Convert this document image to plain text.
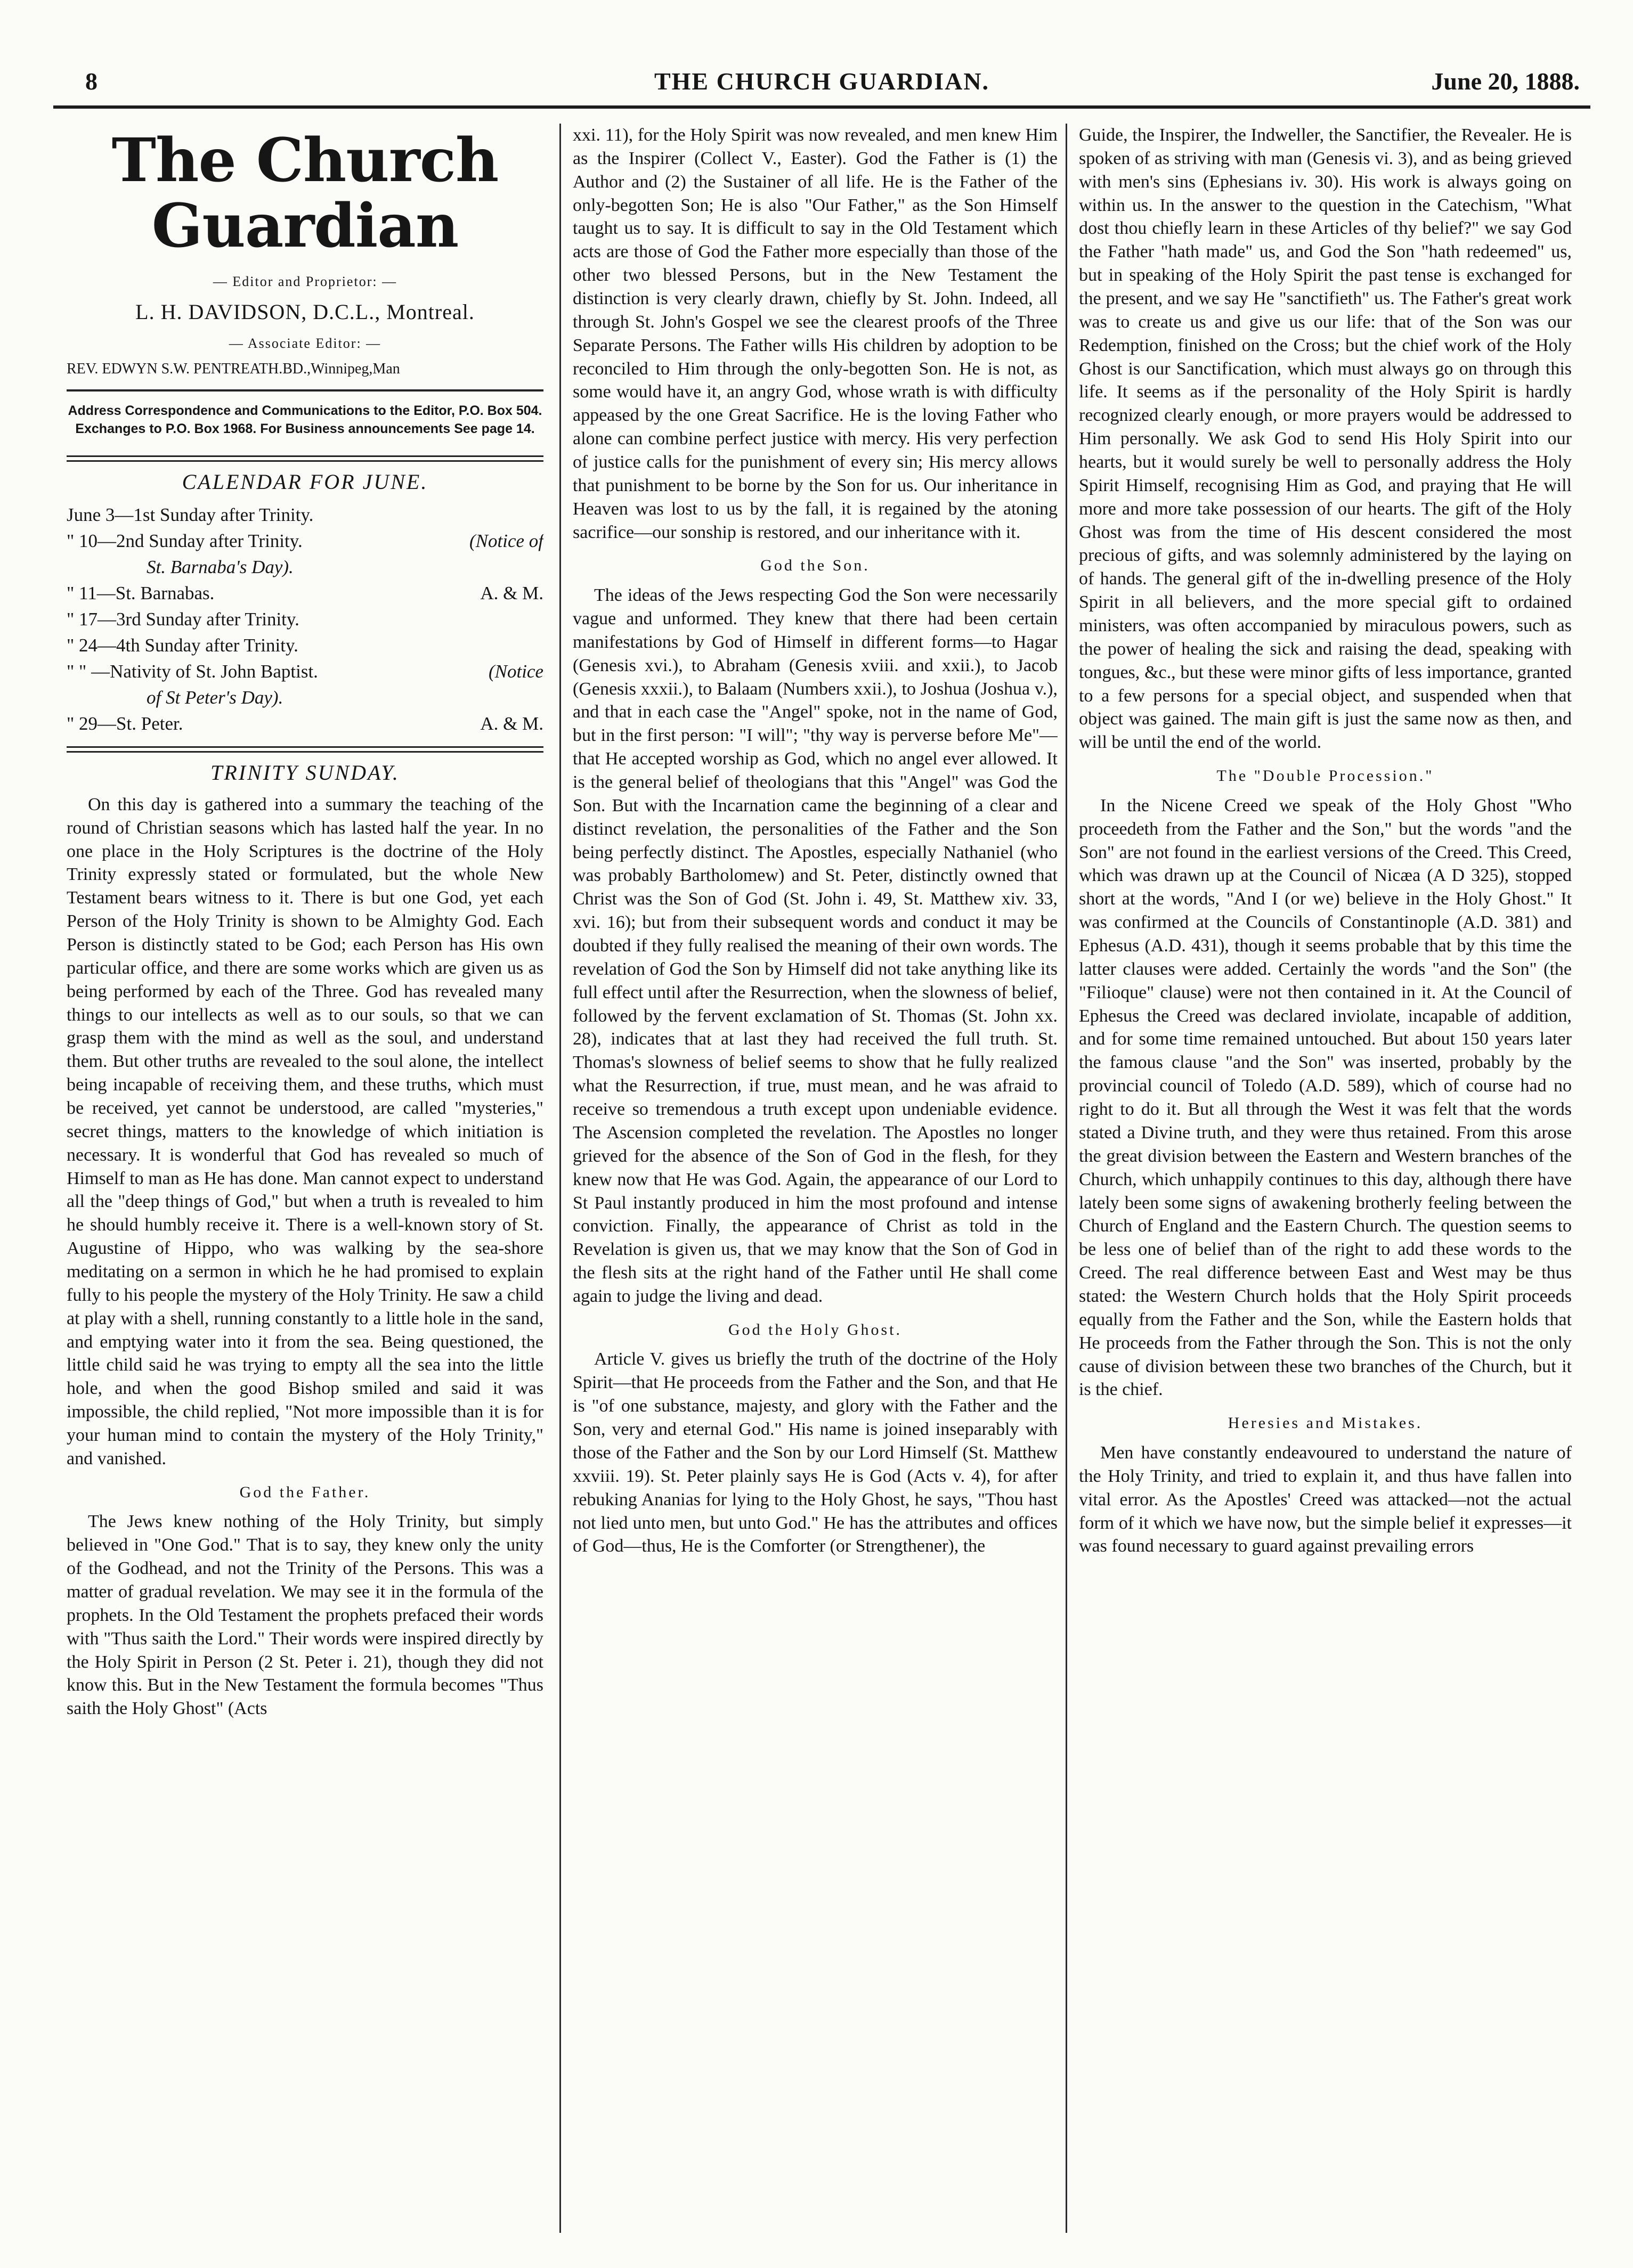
8	THE CHURCH GUARDIAN.	June 20, 1888.
The Church Guardian
— Editor and Proprietor: —
L. H. DAVIDSON, D.C.L., Montreal.
— Associate Editor: —
REV. EDWYN S.W. PENTREATH.BD.,Winnipeg,Man
Address Correspondence and Communications to the Editor, P.O. Box 504. Exchanges to P.O. Box 1968. For Business announcements See page 14.
CALENDAR FOR JUNE.
June 3—1st Sunday after Trinity.
" 10—2nd Sunday after Trinity.	(Notice of
St. Barnaba's Day).
" 11—St. Barnabas.	A. & M.
" 17—3rd Sunday after Trinity.
" 24—4th Sunday after Trinity.
" " —Nativity of St. John Baptist.	(Notice
of St Peter's Day).
" 29—St. Peter.	A. & M.
TRINITY SUNDAY.

On this day is gathered into a summary the teaching of the round of Christian seasons which has lasted half the year. In no one place in the Holy Scriptures is the doctrine of the Holy Trinity expressly stated or formulated, but the whole New Testament bears witness to it. There is but one God, yet each Person of the Holy Trinity is shown to be Almighty God. Each Person is distinctly stated to be God; each Person has His own particular office, and there are some works which are given us as being performed by each of the Three. God has revealed many things to our intellects as well as to our souls, so that we can grasp them with the mind as well as the soul, and understand them. But other truths are revealed to the soul alone, the intellect being incapable of receiving them, and these truths, which must be received, yet cannot be understood, are called "mysteries," secret things, matters to the knowledge of which initiation is necessary. It is wonderful that God has revealed so much of Himself to man as He has done. Man cannot expect to understand all the "deep things of God," but when a truth is revealed to him he should humbly receive it. There is a well-known story of St. Augustine of Hippo, who was walking by the sea-shore meditating on a sermon in which he he had promised to explain fully to his people the mystery of the Holy Trinity. He saw a child at play with a shell, running constantly to a little hole in the sand, and emptying water into it from the sea. Being questioned, the little child said he was trying to empty all the sea into the little hole, and when the good Bishop smiled and said it was impossible, the child replied, "Not more impossible than it is for your human mind to contain the mystery of the Holy Trinity," and vanished.

God the Father.

The Jews knew nothing of the Holy Trinity, but simply believed in "One God." That is to say, they knew only the unity of the Godhead, and not the Trinity of the Persons. This was a matter of gradual revelation. We may see it in the formula of the prophets. In the Old Testament the prophets prefaced their words with "Thus saith the Lord." Their words were inspired directly by the Holy Spirit in Person (2 St. Peter i. 21), though they did not know this. But in the New Testament the formula becomes "Thus saith the Holy Ghost" (Acts

xxi. 11), for the Holy Spirit was now revealed, and men knew Him as the Inspirer (Collect V., Easter). God the Father is (1) the Author and (2) the Sustainer of all life. He is the Father of the only-begotten Son; He is also "Our Father," as the Son Himself taught us to say. It is difficult to say in the Old Testament which acts are those of God the Father more especially than those of the other two blessed Persons, but in the New Testament the distinction is very clearly drawn, chiefly by St. John. Indeed, all through St. John's Gospel we see the clearest proofs of the Three Separate Persons. The Father wills His children by adoption to be reconciled to Him through the only-begotten Son. He is not, as some would have it, an angry God, whose wrath is with difficulty appeased by the one Great Sacrifice. He is the loving Father who alone can combine perfect justice with mercy. His very perfection of justice calls for the punishment of every sin; His mercy allows that punishment to be borne by the Son for us. Our inheritance in Heaven was lost to us by the fall, it is regained by the atoning sacrifice—our sonship is restored, and our inheritance with it.

God the Son.

The ideas of the Jews respecting God the Son were necessarily vague and unformed. They knew that there had been certain manifestations by God of Himself in different forms—to Hagar (Genesis xvi.), to Abraham (Genesis xviii. and xxii.), to Jacob (Genesis xxxii.), to Balaam (Numbers xxii.), to Joshua (Joshua v.), and that in each case the "Angel" spoke, not in the name of God, but in the first person: "I will"; "thy way is perverse before Me"—that He accepted worship as God, which no angel ever allowed. It is the general belief of theologians that this "Angel" was God the Son. But with the Incarnation came the beginning of a clear and distinct revelation, the personalities of the Father and the Son being perfectly distinct. The Apostles, especially Nathaniel (who was probably Bartholomew) and St. Peter, distinctly owned that Christ was the Son of God (St. John i. 49, St. Matthew xiv. 33, xvi. 16); but from their subsequent words and conduct it may be doubted if they fully realised the meaning of their own words. The revelation of God the Son by Himself did not take anything like its full effect until after the Resurrection, when the slowness of belief, followed by the fervent exclamation of St. Thomas (St. John xx. 28), indicates that at last they had received the full truth. St. Thomas's slowness of belief seems to show that he fully realized what the Resurrection, if true, must mean, and he was afraid to receive so tremendous a truth except upon undeniable evidence. The Ascension completed the revelation. The Apostles no longer grieved for the absence of the Son of God in the flesh, for they knew now that He was God. Again, the appearance of our Lord to St Paul instantly produced in him the most profound and intense conviction. Finally, the appearance of Christ as told in the Revelation is given us, that we may know that the Son of God in the flesh sits at the right hand of the Father until He shall come again to judge the living and dead.

God the Holy Ghost.

Article V. gives us briefly the truth of the doctrine of the Holy Spirit—that He proceeds from the Father and the Son, and that He is "of one substance, majesty, and glory with the Father and the Son, very and eternal God." His name is joined inseparably with those of the Father and the Son by our Lord Himself (St. Matthew xxviii. 19). St. Peter plainly says He is God (Acts v. 4), for after rebuking Ananias for lying to the Holy Ghost, he says, "Thou hast not lied unto men, but unto God." He has the attributes and offices of God—thus, He is the Comforter (or Strengthener), the

Guide, the Inspirer, the Indweller, the Sanctifier, the Revealer. He is spoken of as striving with man (Genesis vi. 3), and as being grieved with men's sins (Ephesians iv. 30). His work is always going on within us. In the answer to the question in the Catechism, "What dost thou chiefly learn in these Articles of thy belief?" we say God the Father "hath made" us, and God the Son "hath redeemed" us, but in speaking of the Holy Spirit the past tense is exchanged for the present, and we say He "sanctifieth" us. The Father's great work was to create us and give us our life: that of the Son was our Redemption, finished on the Cross; but the chief work of the Holy Ghost is our Sanctification, which must always go on through this life. It seems as if the personality of the Holy Spirit is hardly recognized clearly enough, or more prayers would be addressed to Him personally. We ask God to send His Holy Spirit into our hearts, but it would surely be well to personally address the Holy Spirit Himself, recognising Him as God, and praying that He will more and more take possession of our hearts. The gift of the Holy Ghost was from the time of His descent considered the most precious of gifts, and was solemnly administered by the laying on of hands. The general gift of the in-dwelling presence of the Holy Spirit in all believers, and the more special gift to ordained ministers, was often accompanied by miraculous powers, such as the power of healing the sick and raising the dead, speaking with tongues, &c., but these were minor gifts of less importance, granted to a few persons for a special object, and suspended when that object was gained. The main gift is just the same now as then, and will be until the end of the world.

The "Double Procession."

In the Nicene Creed we speak of the Holy Ghost "Who proceedeth from the Father and the Son," but the words "and the Son" are not found in the earliest versions of the Creed. This Creed, which was drawn up at the Council of Nicæa (A D 325), stopped short at the words, "And I (or we) believe in the Holy Ghost." It was confirmed at the Councils of Constantinople (A.D. 381) and Ephesus (A.D. 431), though it seems probable that by this time the latter clauses were added. Certainly the words "and the Son" (the "Filioque" clause) were not then contained in it. At the Council of Ephesus the Creed was declared inviolate, incapable of addition, and for some time remained untouched. But about 150 years later the famous clause "and the Son" was inserted, probably by the provincial council of Toledo (A.D. 589), which of course had no right to do it. But all through the West it was felt that the words stated a Divine truth, and they were thus retained. From this arose the great division between the Eastern and Western branches of the Church, which unhappily continues to this day, although there have lately been some signs of awakening brotherly feeling between the Church of England and the Eastern Church. The question seems to be less one of belief than of the right to add these words to the Creed. The real difference between East and West may be thus stated: the Western Church holds that the Holy Spirit proceeds equally from the Father and the Son, while the Eastern holds that He proceeds from the Father through the Son. This is not the only cause of division between these two branches of the Church, but it is the chief.

Heresies and Mistakes.

Men have constantly endeavoured to understand the nature of the Holy Trinity, and tried to explain it, and thus have fallen into vital error. As the Apostles' Creed was attacked—not the actual form of it which we have now, but the simple belief it expresses—it was found necessary to guard against prevailing errors
